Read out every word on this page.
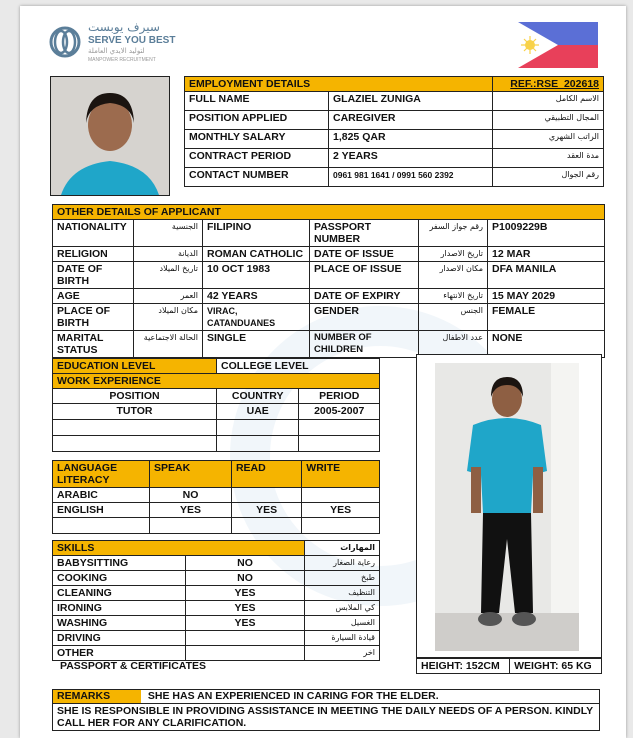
سيرف يوبست
SERVE YOU BEST
لتوليد الايدي العاملة
MANPOWER RECRUITMENT
EMPLOYMENT DETAILS		REF.:RSE_202618
FULL NAME	GLAZIEL ZUNIGA	الاسم الكامل
POSITION APPLIED	CAREGIVER	المجال التطبيقي
MONTHLY SALARY	1,825 QAR	الراتب الشهري
CONTRACT PERIOD	2 YEARS	مدة العقد
CONTACT NUMBER	0961 981 1641 / 0991 560 2392	رقم الجوال
OTHER DETAILS OF APPLICANT					
NATIONALITY	الجنسية	FILIPINO	PASSPORT NUMBER	رقم جواز السفر	P1009229B
RELIGION	الديانة	ROMAN CATHOLIC	DATE OF ISSUE	تاريخ الاصدار	12 MAR
DATE OF BIRTH	تاريخ الميلاد	10 OCT 1983	PLACE OF ISSUE	مكان الاصدار	DFA MANILA
AGE	العمر	42 YEARS	DATE OF EXPIRY	تاريخ الانتهاء	15 MAY 2029
PLACE OF BIRTH	مكان الميلاد	VIRAC, CATANDUANES	GENDER	الجنس	FEMALE
MARITAL STATUS	الحالة الاجتماعية	SINGLE	NUMBER OF CHILDREN	عدد الاطفال	NONE
EDUCATION LEVEL	COLLEGE LEVEL	
WORK EXPERIENCE		
POSITION	COUNTRY	PERIOD
TUTOR	UAE	2005-2007

LANGUAGE LITERACY	SPEAK	READ	WRITE
ARABIC	NO		
ENGLISH	YES	YES	YES

SKILLS		المهارات
BABYSITTING	NO	رعاية الصغار
COOKING	NO	طبخ
CLEANING	YES	التنظيف
IRONING	YES	كي الملابس
WASHING	YES	الغسيل
DRIVING		قيادة السيارة
OTHER		اخر
PASSPORT & CERTIFICATES	HEIGHT: 152CM	WEIGHT: 65 KG
REMARKS	SHE HAS AN EXPERIENCED IN CARING FOR THE ELDER.
SHE IS RESPONSIBLE IN PROVIDING ASSISTANCE IN MEETING THE DAILY NEEDS OF A PERSON. KINDLY CALL HER FOR ANY CLARIFICATION.
